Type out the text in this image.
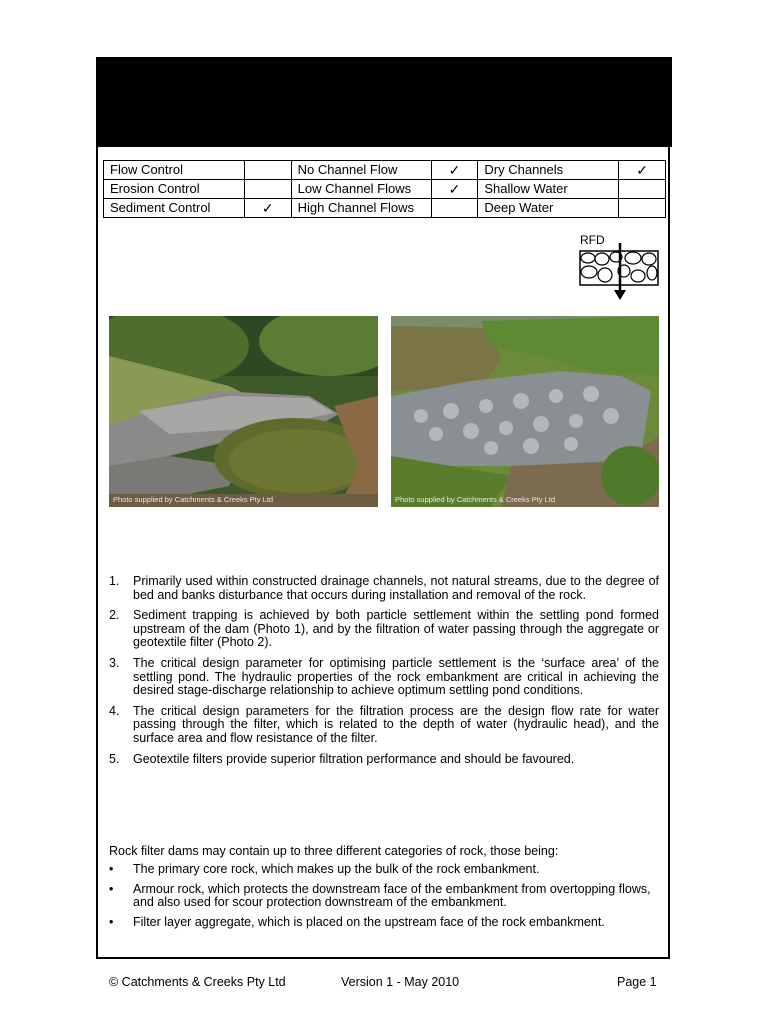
Flow Control		No Channel Flow	✓	Dry Channels	✓
Erosion Control		Low Channel Flows	✓	Shallow Water	
Sediment Control	✓	High Channel Flows		Deep Water	
RFD
Photo supplied by Catchments & Creeks Pty Ltd	Photo supplied by Catchments & Creeks Pty Ltd
1. Primarily used within constructed drainage channels, not natural streams, due to the degree of bed and banks disturbance that occurs during installation and removal of the rock.
2. Sediment trapping is achieved by both particle settlement within the settling pond formed upstream of the dam (Photo 1), and by the filtration of water passing through the aggregate or geotextile filter (Photo 2).
3. The critical design parameter for optimising particle settlement is the ‘surface area’ of the settling pond. The hydraulic properties of the rock embankment are critical in achieving the desired stage-discharge relationship to achieve optimum settling pond conditions.
4. The critical design parameters for the filtration process are the design flow rate for water passing through the filter, which is related to the depth of water (hydraulic head), and the surface area and flow resistance of the filter.
5. Geotextile filters provide superior filtration performance and should be favoured.
Rock filter dams may contain up to three different categories of rock, those being:
• The primary core rock, which makes up the bulk of the rock embankment.
• Armour rock, which protects the downstream face of the embankment from overtopping flows, and also used for scour protection downstream of the embankment.
• Filter layer aggregate, which is placed on the upstream face of the rock embankment.
© Catchments & Creeks Pty Ltd	Version 1 - May 2010	Page 1
